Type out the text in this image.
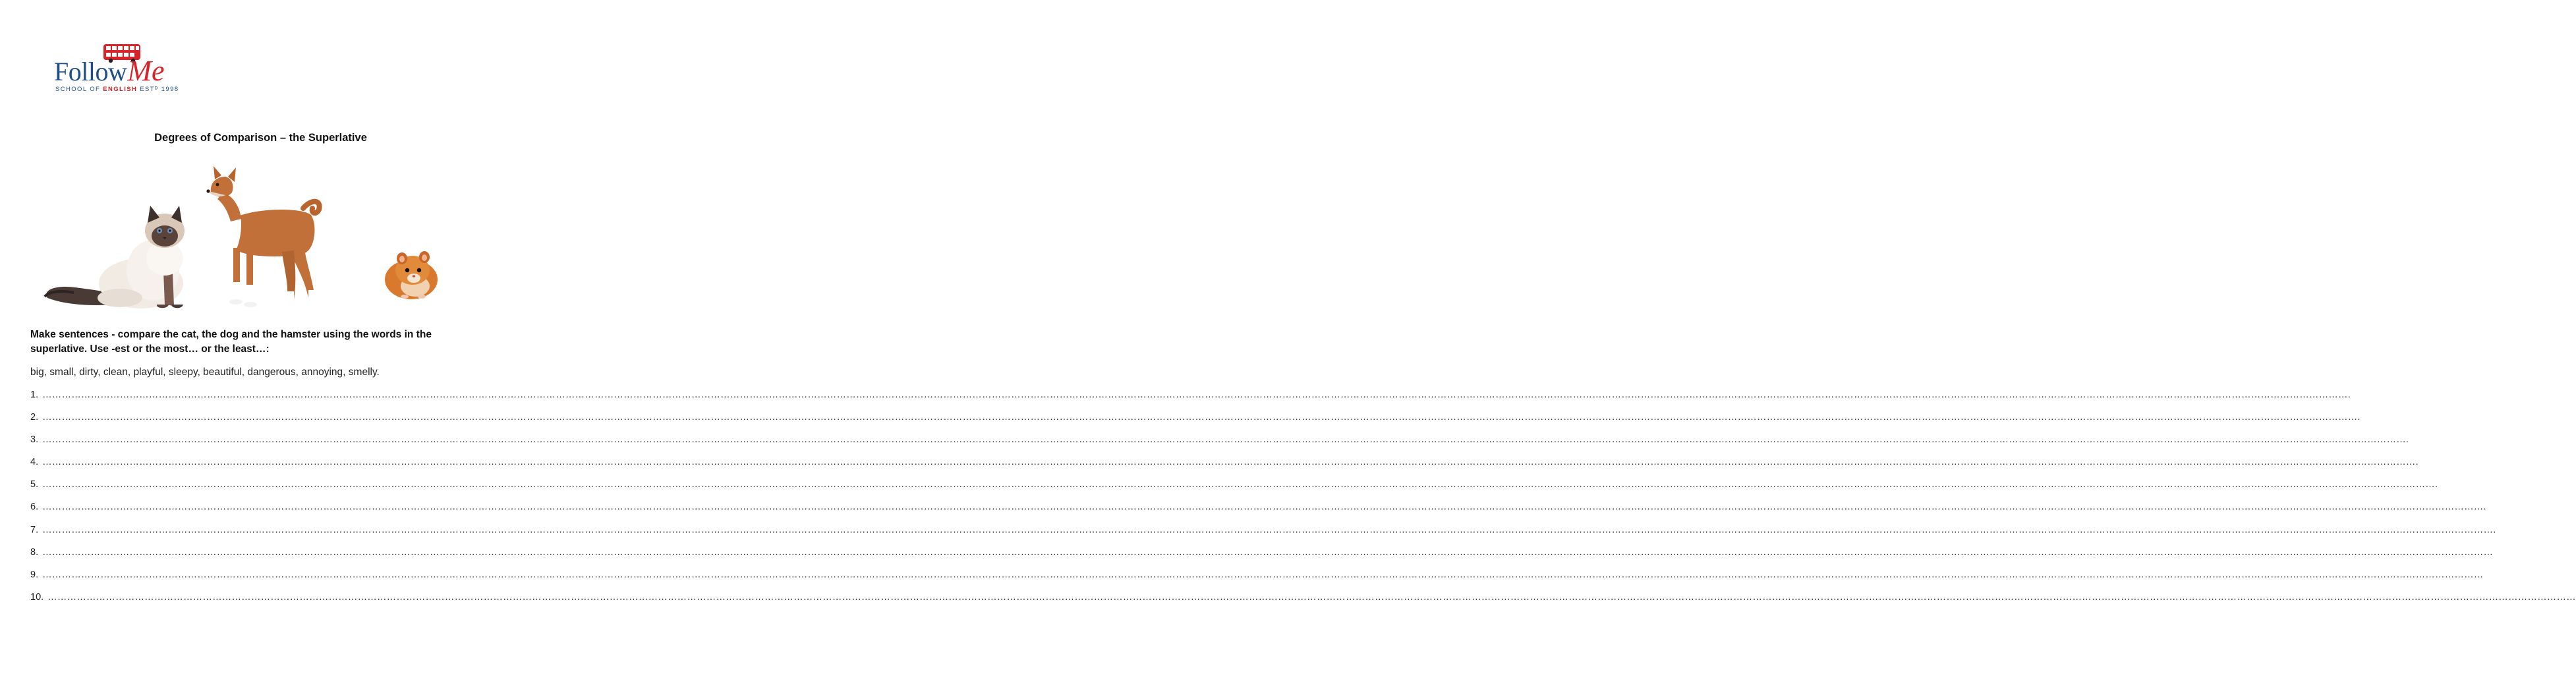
FollowMe
SCHOOL OF ENGLISH ESTᴰ 1998
Degrees of Comparison – the Superlative
Make sentences - compare the cat, the dog and the hamster using the words in the superlative. Use -est or the most… or the least…:
big, small, dirty, clean, playful, sleepy, beautiful, dangerous, annoying, smelly.
1. ………………………………………………………………………………………………………………………………………………………………………………………………………………………………………………………………………………………………………………………………………………………………………………………………………………………………………………………………………………………………………………………………………………………………………………………………………………………………………………………….
2. …………………………………………………………………………………………………………………………………………………………………………………………………………………………………………………………………………………………………………………………………………………………………………………………………………………………………………………………………………………………………………………………………………………………………………………………………………………………………………………………….
3. ………………………………………………………………………………………………………………………………………………………………………………………………………………………………………………………………………………………………………………………………………………………………………………………………………………………………………………………………………………………………………………………………………………………………………………………………………………………………………………………………………….
4. …………………………………………………………………………………………………………………………………………………………………………………………………………………………………………………………………………………………………………………………………………………………………………………………………………………………………………………………………………………………………………………………………………………………………………………………………………………………………………………………………………….
5. ………………………………………………………………………………………………………………………………………………………………………………………………………………………………………………………………………………………………………………………………………………………………………………………………………………………………………………………………………………………………………………………………………………………………………………………………………………………………………………………………………………….
6. ……………………………………………………………………………………………………………………………………………………………………………………………………………………………………………………………………………………………………………………………………………………………………………………………………………………………………………………………………………………………………………………………………………………………………………………………………………………………………………………………………………………………….
7. ………………………………………………………………………………………………………………………………………………………………………………………………………………………………………………………………………………………………………………………………………………………………………………………………………………………………………………………………………………………………………………………………………………………………………………………………………………………………………………………………………………………………….
8. …………………………………………………………………………………………………………………………………………………………………………………………………………………………………………………………………………………………………………………………………………………………………………………………………………………………………………………………………………………………………………………………………………………………………………………………………………………………………………………………………………………………………
9. ………………………………………………………………………………………………………………………………………………………………………………………………………………………………………………………………………………………………………………………………………………………………………………………………………………………………………………………………………………………………………………………………………………………………………………………………………………………………………………………………………………………………
10. ………………………………………………………………………………………………………………………………………………………………………………………………………………………………………………………………………………………………………………………………………………………………………………………………………………………………………………………………………………………………………………………………………………………………………………………………………………………………………………………………………………………………………………………
